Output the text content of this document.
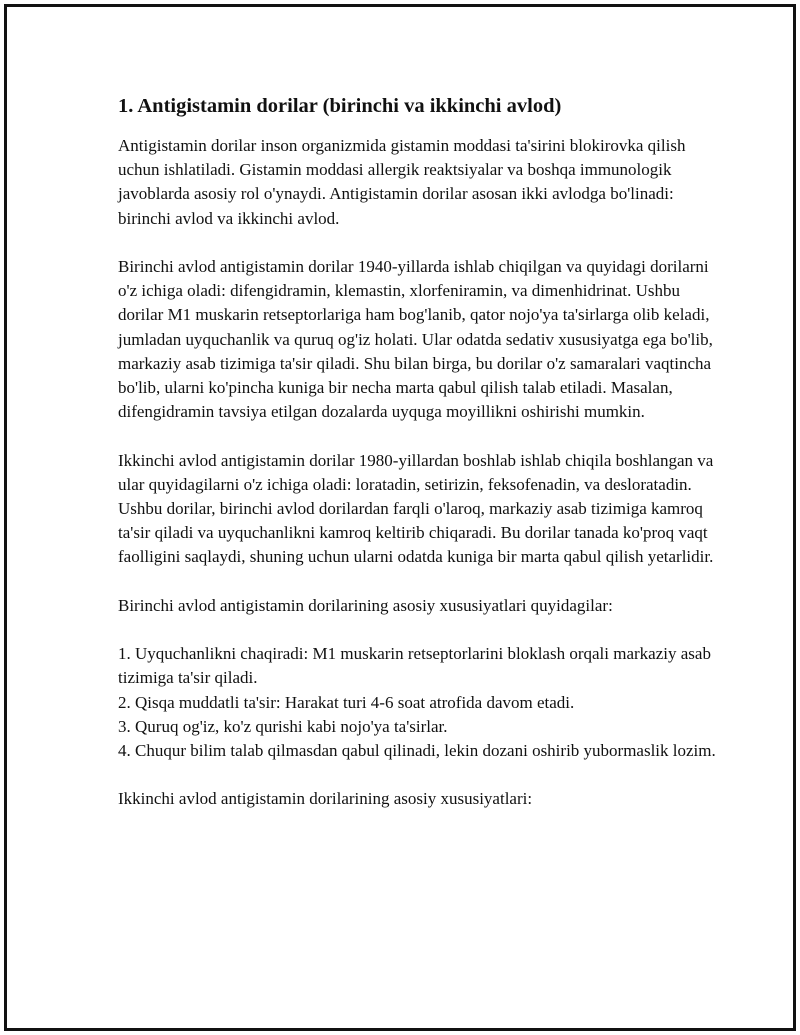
1. Antigistamin dorilar (birinchi va ikkinchi avlod)

Antigistamin dorilar inson organizmida gistamin moddasi ta'sirini blokirovka qilish uchun ishlatiladi. Gistamin moddasi allergik reaktsiyalar va boshqa immunologik javoblarda asosiy rol o'ynaydi. Antigistamin dorilar asosan ikki avlodga bo'linadi: birinchi avlod va ikkinchi avlod.

Birinchi avlod antigistamin dorilar 1940-yillarda ishlab chiqilgan va quyidagi dorilarni o'z ichiga oladi: difengidramin, klemastin, xlorfeniramin, va dimenhidrinat. Ushbu dorilar M1 muskarin retseptorlariga ham bog'lanib, qator nojo'ya ta'sirlarga olib keladi, jumladan uyquchanlik va quruq og'iz holati. Ular odatda sedativ xususiyatga ega bo'lib, markaziy asab tizimiga ta'sir qiladi. Shu bilan birga, bu dorilar o'z samaralari vaqtincha bo'lib, ularni ko'pincha kuniga bir necha marta qabul qilish talab etiladi. Masalan, difengidramin tavsiya etilgan dozalarda uyquga moyillikni oshirishi mumkin.

Ikkinchi avlod antigistamin dorilar 1980-yillardan boshlab ishlab chiqila boshlangan va ular quyidagilarni o'z ichiga oladi: loratadin, setirizin, feksofenadin, va desloratadin. Ushbu dorilar, birinchi avlod dorilardan farqli o'laroq, markaziy asab tizimiga kamroq ta'sir qiladi va uyquchanlikni kamroq keltirib chiqaradi. Bu dorilar tanada ko'proq vaqt faolligini saqlaydi, shuning uchun ularni odatda kuniga bir marta qabul qilish yetarlidir.

Birinchi avlod antigistamin dorilarining asosiy xususiyatlari quyidagilar:

1. Uyquchanlikni chaqiradi: M1 muskarin retseptorlarini bloklash orqali markaziy asab tizimiga ta'sir qiladi.
2. Qisqa muddatli ta'sir: Harakat turi 4-6 soat atrofida davom etadi.
3. Quruq og'iz, ko'z qurishi kabi nojo'ya ta'sirlar.
4. Chuqur bilim talab qilmasdan qabul qilinadi, lekin dozani oshirib yubormaslik lozim.

Ikkinchi avlod antigistamin dorilarining asosiy xususiyatlari:
